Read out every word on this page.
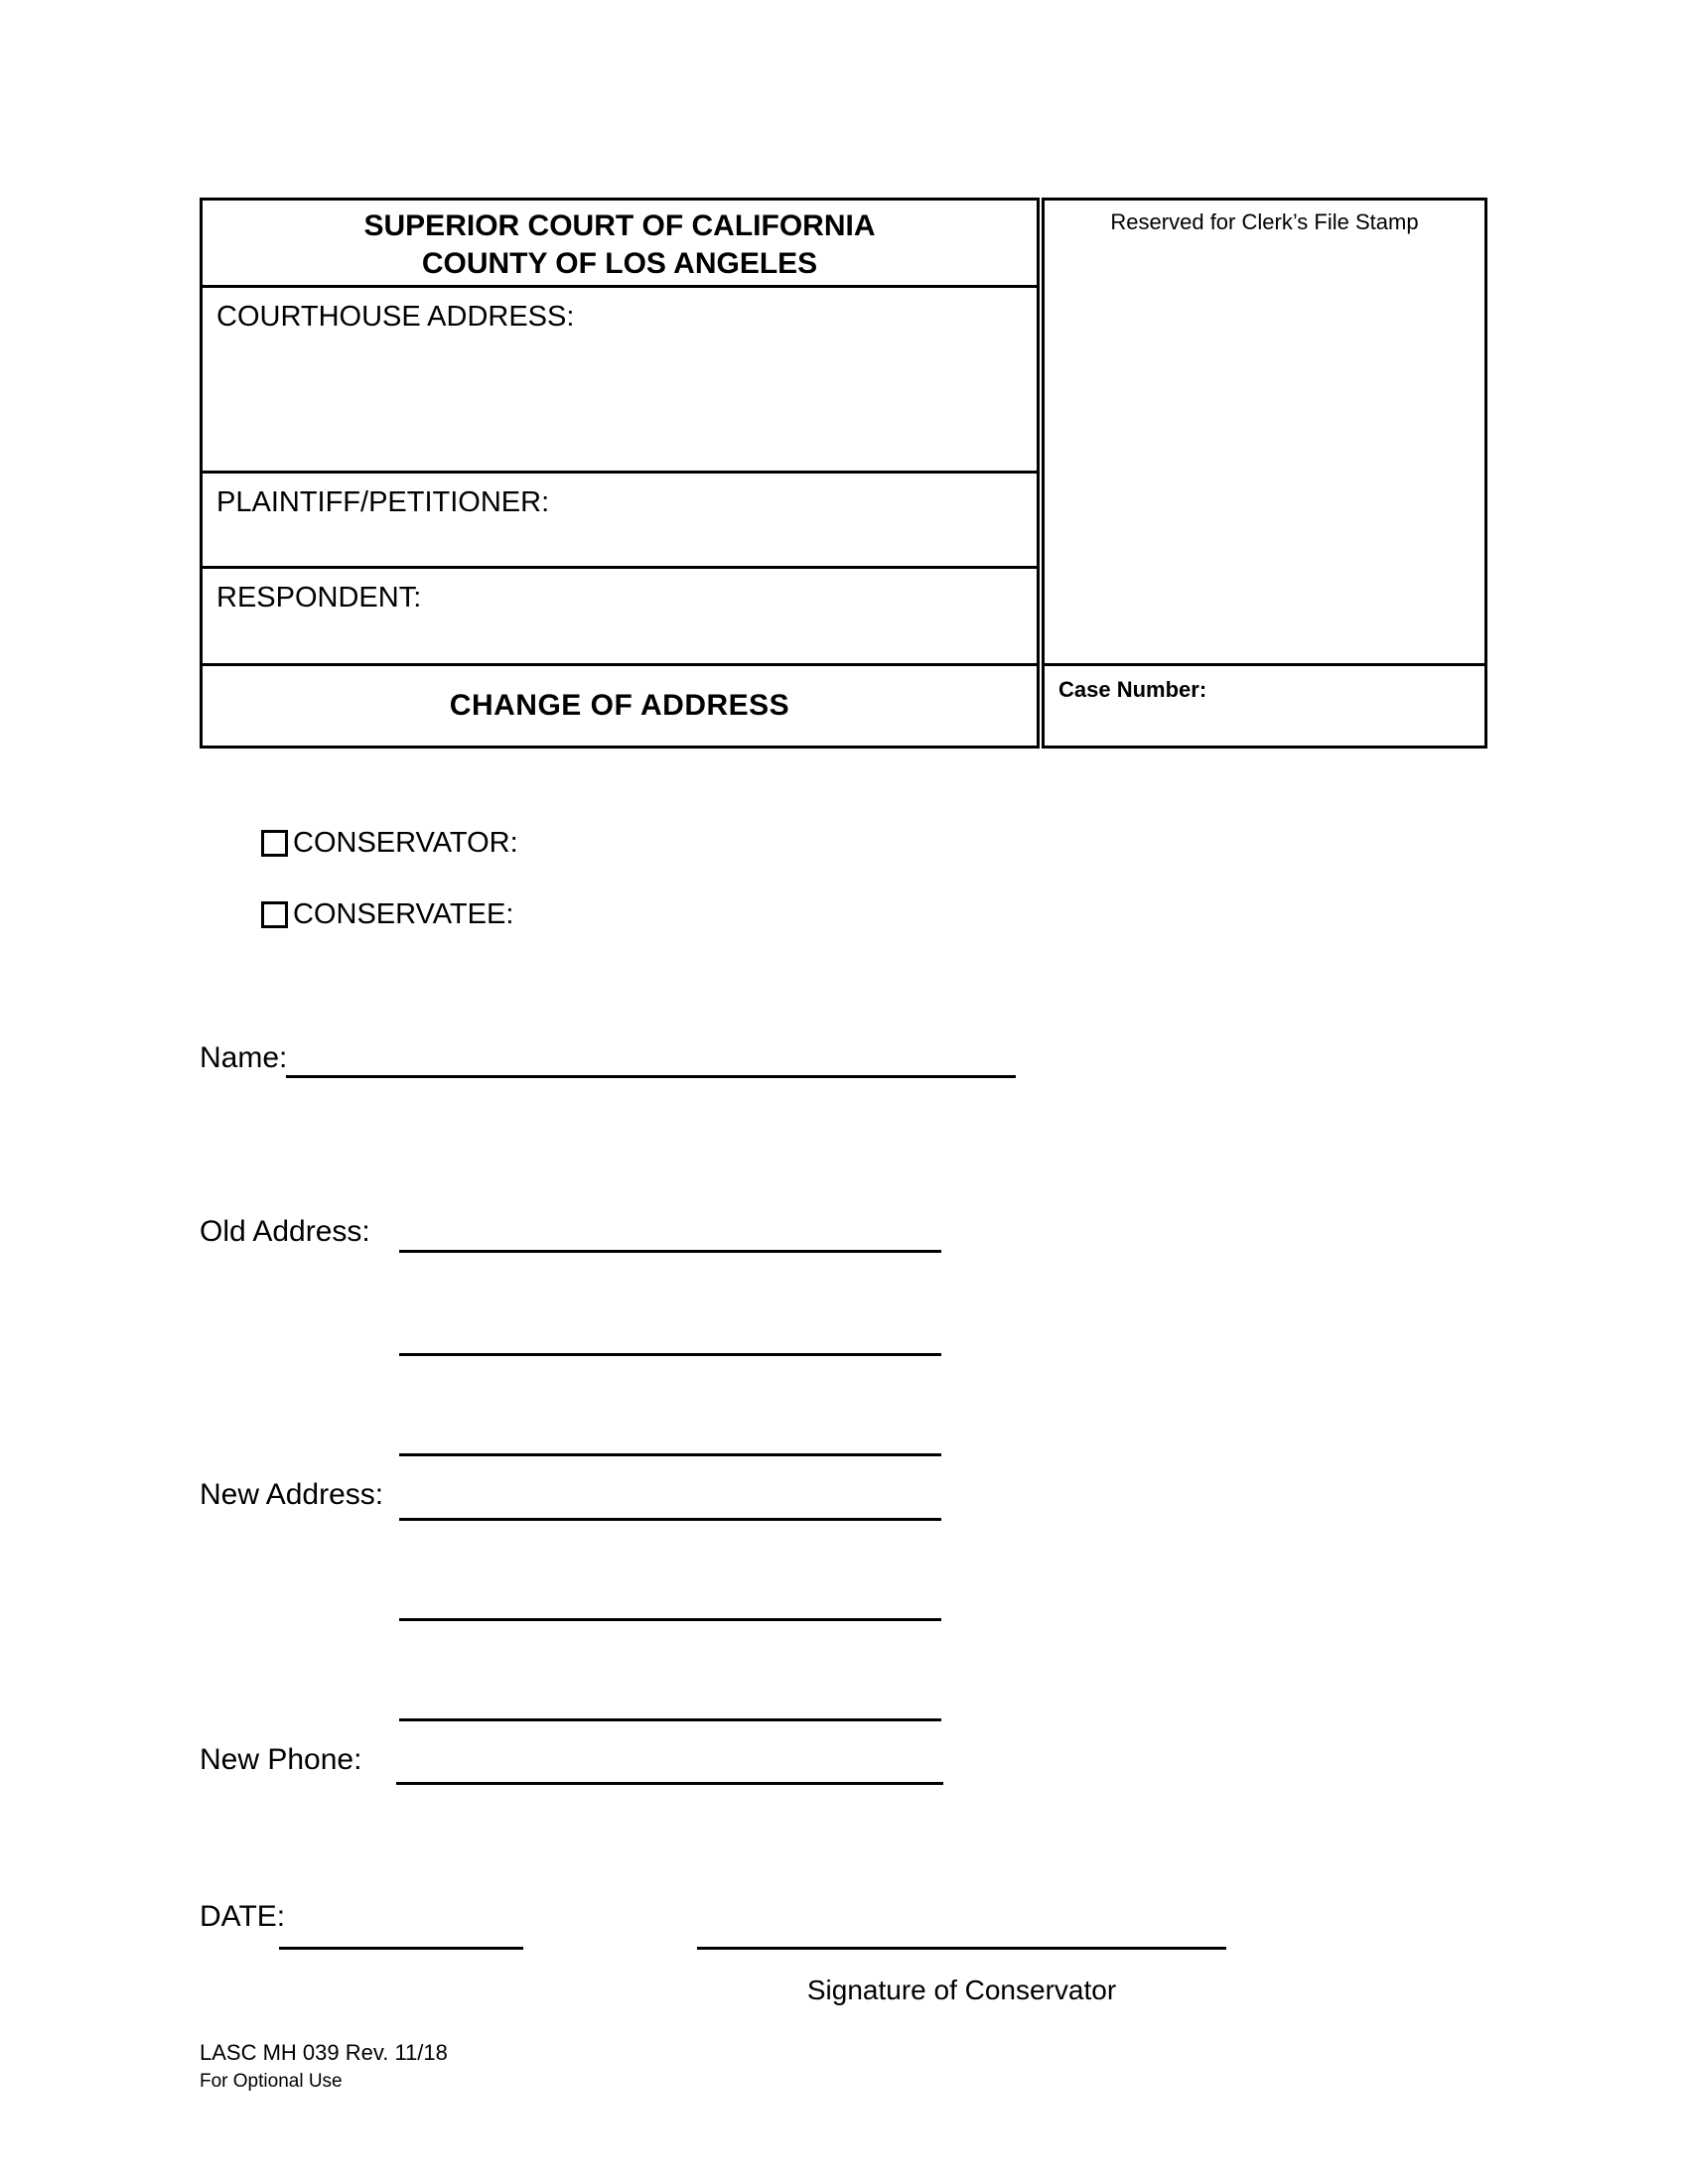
SUPERIOR COURT OF CALIFORNIA
COUNTY OF LOS ANGELES
COURTHOUSE ADDRESS:
PLAINTIFF/PETITIONER:
RESPONDENT:
CHANGE OF ADDRESS
Reserved for Clerk’s File Stamp
Case Number:
CONSERVATOR:
CONSERVATEE:
Name:
Old Address:
New Address:
New Phone:
DATE:
Signature of Conservator
LASC MH 039 Rev. 11/18
For Optional Use
